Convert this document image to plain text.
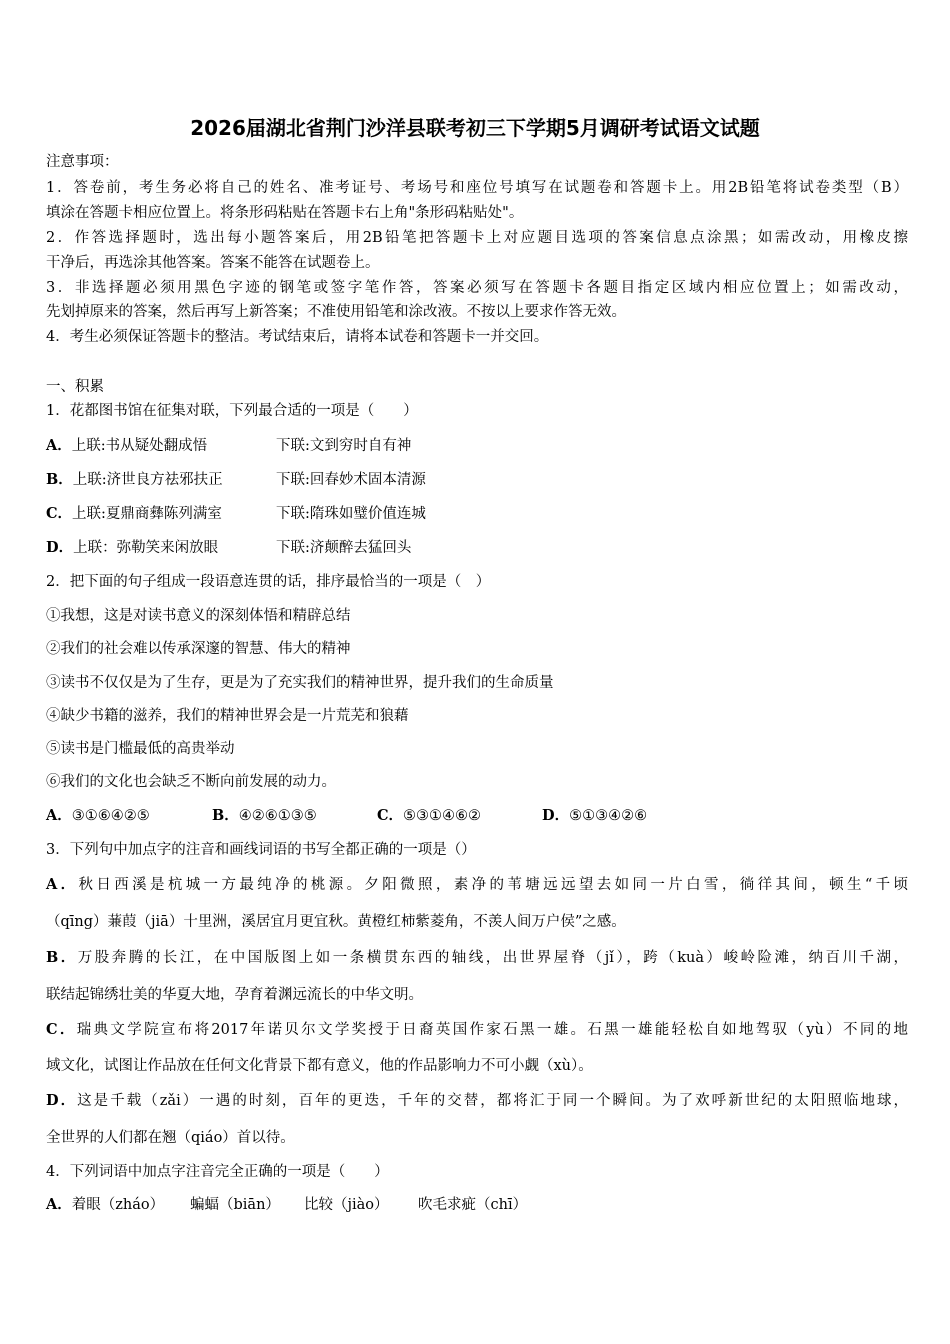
2026届湖北省荆门沙洋县联考初三下学期5月调研考试语文试题
注意事项：
1．答卷前，考生务必将自己的姓名、准考证号、考场号和座位号填写在试题卷和答题卡上。用2B铅笔将试卷类型（B）
填涂在答题卡相应位置上。将条形码粘贴在答题卡右上角"条形码粘贴处"。
2．作答选择题时，选出每小题答案后，用2B铅笔把答题卡上对应题目选项的答案信息点涂黑；如需改动，用橡皮擦
干净后，再选涂其他答案。答案不能答在试题卷上。
3．非选择题必须用黑色字迹的钢笔或签字笔作答，答案必须写在答题卡各题目指定区域内相应位置上；如需改动，
先划掉原来的答案，然后再写上新答案；不准使用铅笔和涂改液。不按以上要求作答无效。
4．考生必须保证答题卡的整洁。考试结束后，请将本试卷和答题卡一并交回。
一、积累
1．花都图书馆在征集对联，下列最合适的一项是（　　）
A．上联:书从疑处翻成悟	下联:文到穷时自有神
B．上联:济世良方祛邪扶正	下联:回春妙术固本清源
C．上联:夏鼎商彝陈列满室	下联:隋珠如璧价值连城
D．上联：弥勒笑来闲放眼	下联:济颠醉去猛回头
2．把下面的句子组成一段语意连贯的话，排序最恰当的一项是（　）
①我想，这是对读书意义的深刻体悟和精辟总结
②我们的社会难以传承深邃的智慧、伟大的精神
③读书不仅仅是为了生存，更是为了充实我们的精神世界，提升我们的生命质量
④缺少书籍的滋养，我们的精神世界会是一片荒芜和狼藉
⑤读书是门槛最低的高贵举动
⑥我们的文化也会缺乏不断向前发展的动力。
A．③①⑥④②⑤	B．④②⑥①③⑤	C．⑤③①④⑥②	D．⑤①③④②⑥
3．下列句中加点字的注音和画线词语的书写全都正确的一项是（）
A．秋日西溪是杭城一方最纯净的桃源。夕阳微照，素净的苇塘远远望去如同一片白雪，徜徉其间，顿生“千顷
（qīng）蒹葭（jiā）十里洲，溪居宜月更宜秋。黄橙红柿紫菱角，不羡人间万户侯”之感。
B．万股奔腾的长江，在中国版图上如一条横贯东西的轴线，出世界屋脊（jǐ），跨（kuà）峻岭险滩，纳百川千湖，
联结起锦绣壮美的华夏大地，孕育着渊远流长的中华文明。
C．瑞典文学院宣布将2017年诺贝尔文学奖授于日裔英国作家石黑一雄。石黑一雄能轻松自如地驾驭（yù）不同的地
域文化，试图让作品放在任何文化背景下都有意义，他的作品影响力不可小觑（xù）。
D．这是千载（zǎi）一遇的时刻，百年的更迭，千年的交替，都将汇于同一个瞬间。为了欢呼新世纪的太阳照临地球，
全世界的人们都在翘（qiáo）首以待。
4．下列词语中加点字注音完全正确的一项是（　　）
A．着眼（zháo） 蝙蝠（biān） 比较（jiào） 吹毛求疵（chī）
